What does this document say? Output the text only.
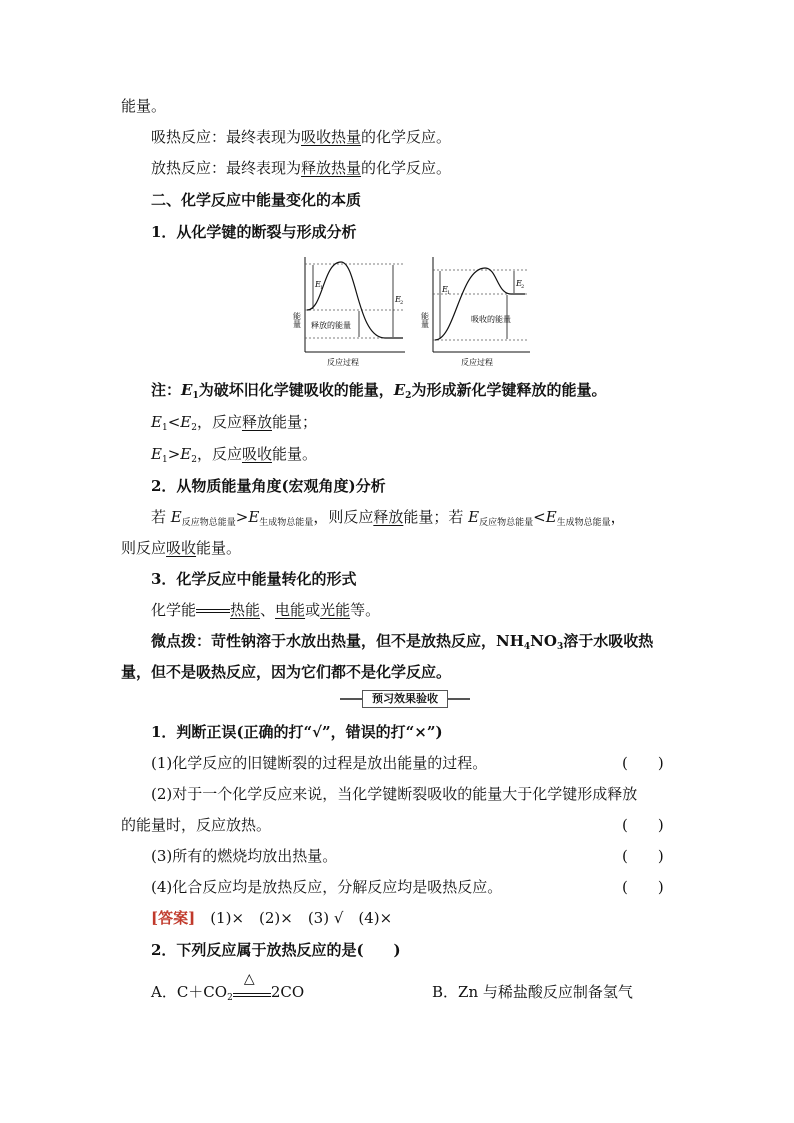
能量。
吸热反应：最终表现为吸收热量的化学反应。
放热反应：最终表现为释放热量的化学反应。
二、化学反应中能量变化的本质
1．从化学键的断裂与形成分析
能量
反应过程
E 1
E 2
释放的能量	能量
反应过程
E 1
E 2
吸收的能量
注：$E_1$为破坏旧化学键吸收的能量，$E_2$为形成新化学键释放的能量。
$E_1<E_2$，反应释放能量；
$E_1>E_2$，反应吸收能量。
2．从物质能量角度(宏观角度)分析
若 $E_{反应物总能量}>E_{生成物总能量}$，则反应释放能量；若 $E_{反应物总能量}<E_{生成物总能量}$，
则反应吸收能量。
3．化学反应中能量转化的形式
化学能 热能、电能或光能等。
微点拨：苛性钠溶于水放出热量，但不是放热反应，$NH_4NO_3$溶于水吸收热
量，但不是吸热反应，因为它们都不是化学反应。
预习效果验收
1．判断正误(正确的打“√”，错误的打“×”)
(1)化学反应的旧键断裂的过程是放出能量的过程。	(　　)
(2)对于一个化学反应来说，当化学键断裂吸收的能量大于化学键形成释放
的能量时，反应放热。	(　　)
(3)所有的燃烧均放出热量。	(　　)
(4)化合反应均是放热反应，分解反应均是吸热反应。	(　　)
[答案]　(1)×　(2)×　(3) √　(4)×
2．下列反应属于放热反应的是(　　)
A．$C+CO_2$
△
2CO	B．Zn 与稀盐酸反应制备氢气
